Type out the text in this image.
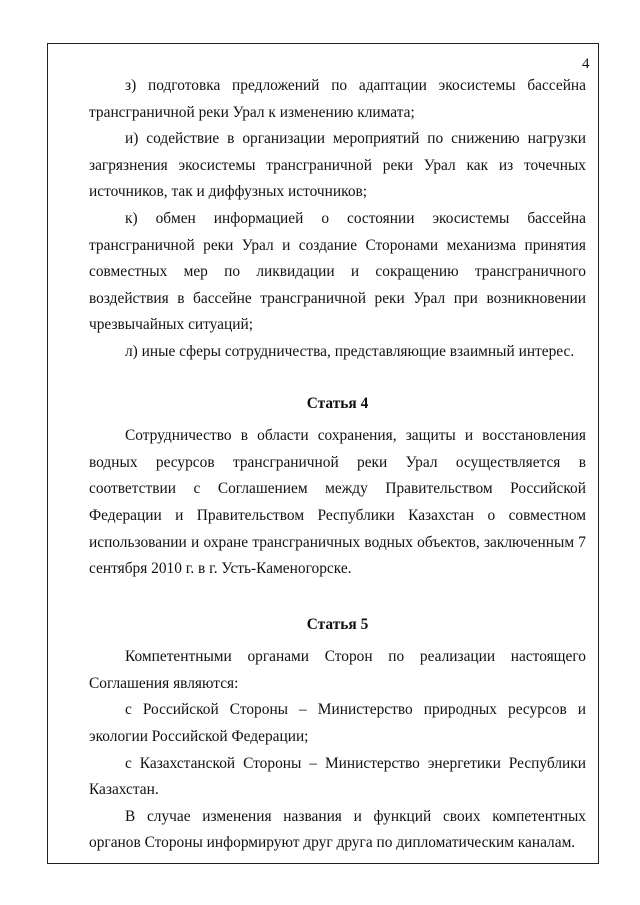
4

з) подготовка предложений по адаптации экосистемы бассейна трансграничной реки Урал к изменению климата;

и) содействие в организации мероприятий по снижению нагрузки загрязнения экосистемы трансграничной реки Урал как из точечных источников, так и диффузных источников;

к) обмен информацией о состоянии экосистемы бассейна трансграничной реки Урал и создание Сторонами механизма принятия совместных мер по ликвидации и сокращению трансграничного воздействия в бассейне трансграничной реки Урал при возникновении чрезвычайных ситуаций;

л) иные сферы сотрудничества, представляющие взаимный интерес.

Статья 4

Сотрудничество в области сохранения, защиты и восстановления водных ресурсов трансграничной реки Урал осуществляется в соответствии с Соглашением между Правительством Российской Федерации и Правительством Республики Казахстан о совместном использовании и охране трансграничных водных объектов, заключенным 7 сентября 2010 г. в г. Усть-Каменогорске.

Статья 5

Компетентными органами Сторон по реализации настоящего Соглашения являются:

с Российской Стороны – Министерство природных ресурсов и экологии Российской Федерации;

с Казахстанской Стороны – Министерство энергетики Республики Казахстан.

В случае изменения названия и функций своих компетентных органов Стороны информируют друг друга по дипломатическим каналам.
